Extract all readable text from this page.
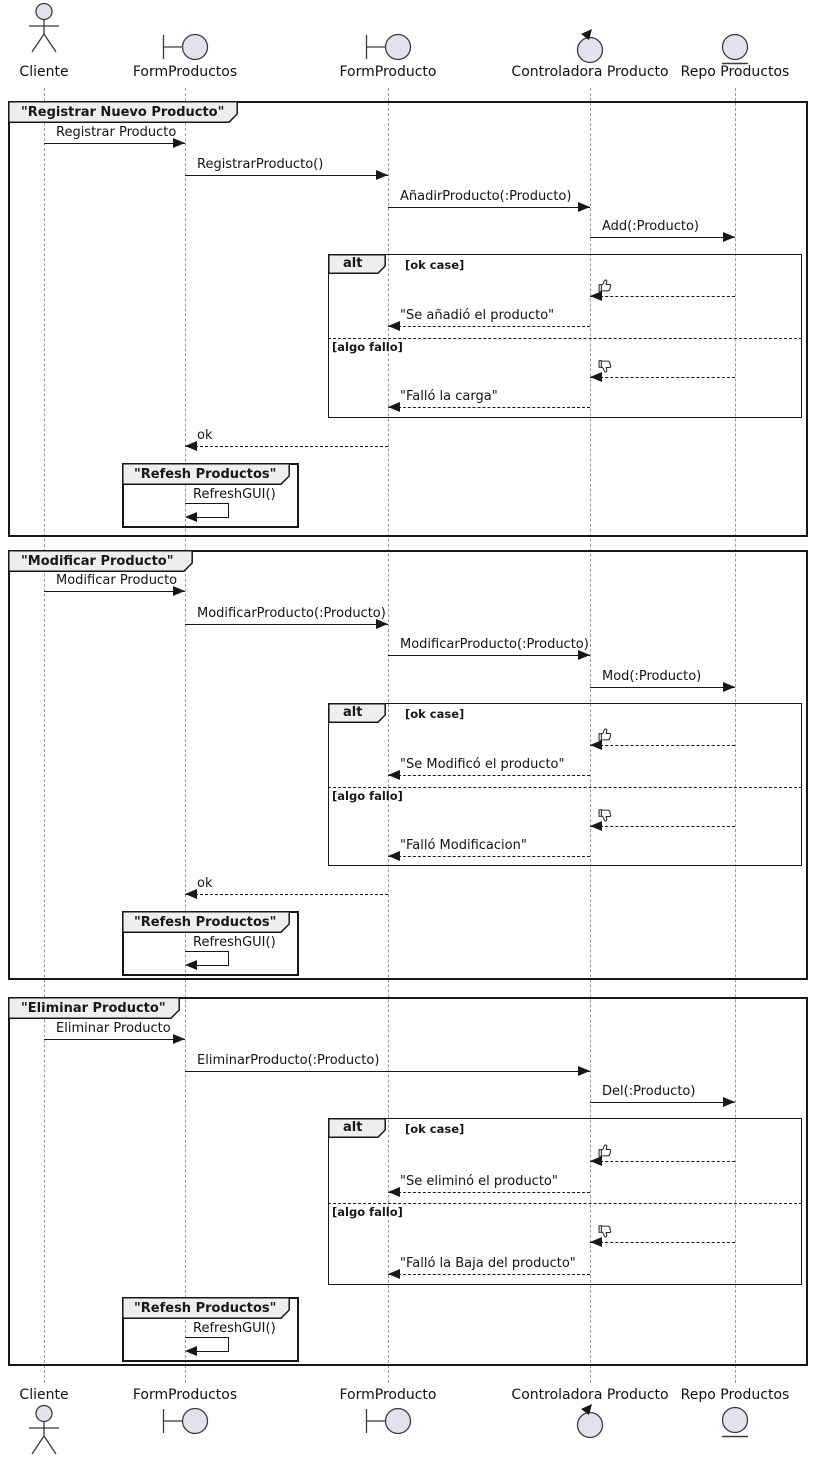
Cliente
Cliente
FormProductos
FormProductos
FormProducto
FormProducto
Controladora Producto
Controladora Producto
Repo Productos
Repo Productos
"Registrar Nuevo Producto"
alt	[ok case]
[algo fallo]
Registrar Producto
RegistrarProducto()
AñadirProducto(:Producto)
Add(:Producto)
"Se añadió el producto"
"Falló la carga"
ok
"Refesh Productos"
RefreshGUI()
"Modificar Producto"
alt	[ok case]
[algo fallo]
Modificar Producto
ModificarProducto(:Producto)
ModificarProducto(:Producto)
Mod(:Producto)
"Se Modificó el producto"
"Falló Modificacion"
ok
"Refesh Productos"
RefreshGUI()
"Eliminar Producto"
alt	[ok case]
[algo fallo]
Eliminar Producto
EliminarProducto(:Producto)
Del(:Producto)
"Se eliminó el producto"
"Falló la Baja del producto"
"Refesh Productos"
RefreshGUI()
